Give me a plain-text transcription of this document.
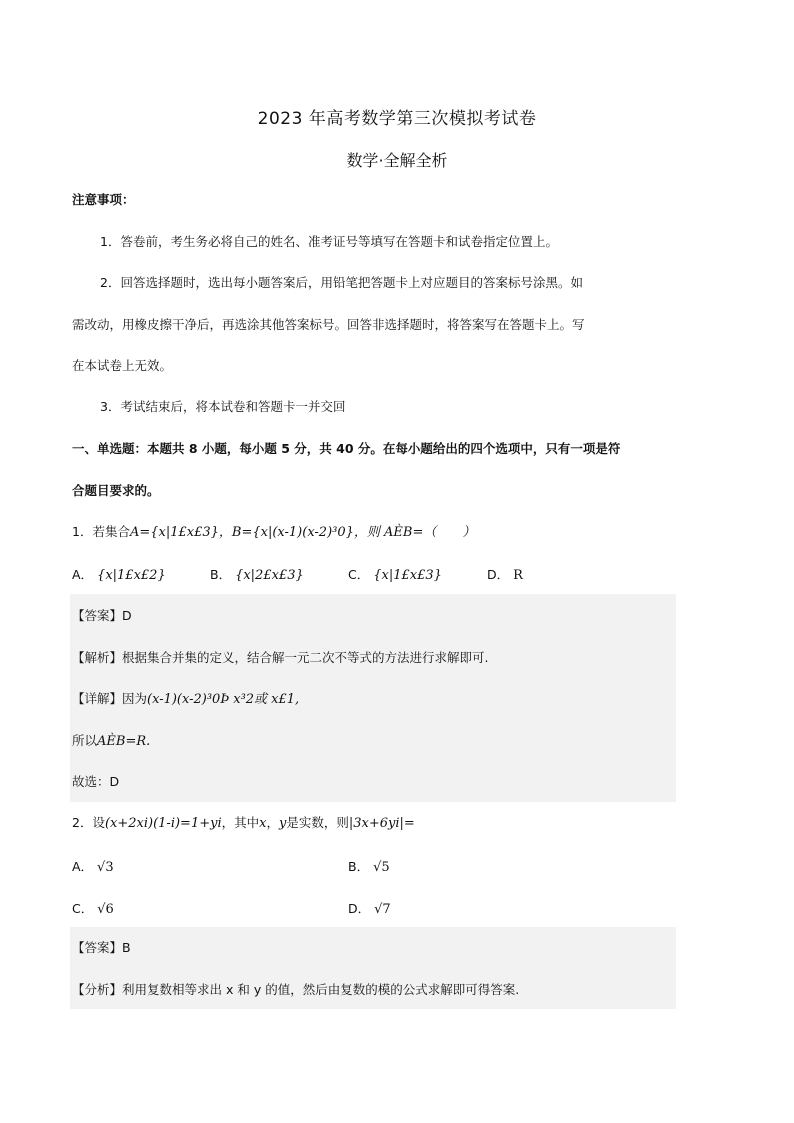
2023 年高考数学第三次模拟考试卷
数学·全解全析
注意事项：
1．答卷前，考生务必将自己的姓名、准考证号等填写在答题卡和试卷指定位置上。
2．回答选择题时，选出每小题答案后，用铅笔把答题卡上对应题目的答案标号涂黑。如
需改动，用橡皮擦干净后，再选涂其他答案标号。回答非选择题时，将答案写在答题卡上。写
在本试卷上无效。
3．考试结束后，将本试卷和答题卡一并交回
一、单选题：本题共 8 小题，每小题 5 分，共 40 分。在每小题给出的四个选项中，只有一项是符
合题目要求的。
1．若集合A={x|1£x£3}，B={x|(x-1)(x-2)³0}，则 AÈB=（　　）
A． {x|1£x£2}	B． {x|2£x£3}	C． {x|1£x£3}	D． R
【答案】D
【解析】根据集合并集的定义，结合解一元二次不等式的方法进行求解即可.
【详解】因为(x-1)(x-2)³0Þ x³2或 x£1,
所以AÈB=R.
故选：D
2．设(x+2xi)(1-i)=1+yi，其中x，y是实数，则|3x+6yi|=
A． √3	B． √5
C． √6	D． √7
【答案】B
【分析】利用复数相等求出 x 和 y 的值，然后由复数的模的公式求解即可得答案.
